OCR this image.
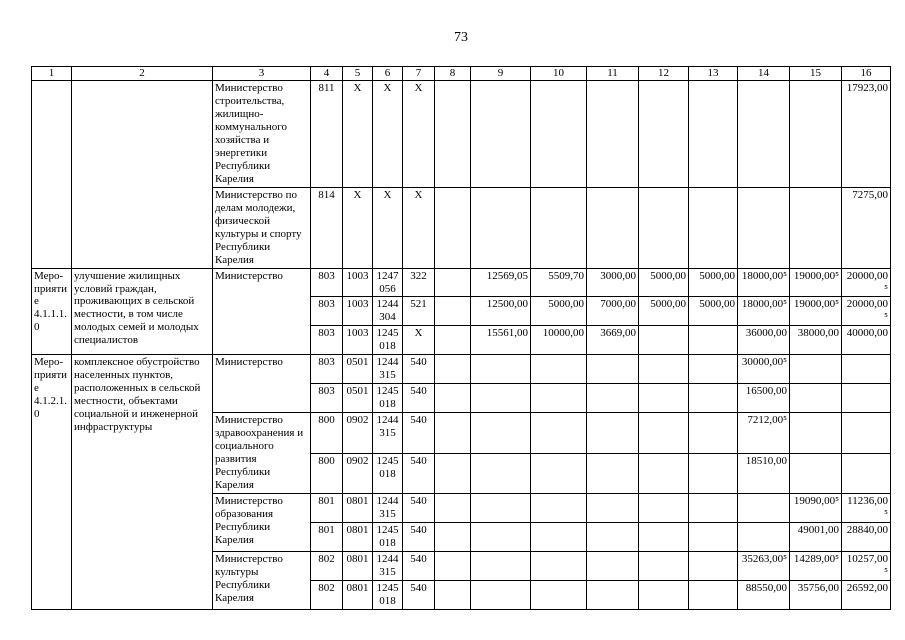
73
1	2	3	4	5	6	7	8	9	10	11	12	13	14	15	16
		Министерство строительства, жилищно-коммунального хозяйства и энергетики Республики Карелия	811	X	X	X									17923,00
		Министерство по делам молодежи, физической культуры и спорту Республики Карелия	814	X	X	X									7275,00
Меро-приятие 4.1.1.1.0	улучшение жилищных условий граждан, проживающих в сельской местности, в том числе молодых семей и молодых специалистов	Министерство	803	1003	1247 056	322		12569,05	5509,70	3000,00	5000,00	5000,00	18000,00⁵	19000,00⁵	20000,00⁵
			803	1003	1244 304	521		12500,00	5000,00	7000,00	5000,00	5000,00	18000,00⁵	19000,00⁵	20000,00⁵
			803	1003	1245 018	X		15561,00	10000,00	3669,00			36000,00	38000,00	40000,00
Меро-приятие 4.1.2.1.0	комплексное обустройство населенных пунктов, расположенных в сельской местности, объектами социальной и инженерной инфраструктуры	Министерство	803	0501	1244 315	540							30000,00⁵		
			803	0501	1245 018	540							16500,00		
		Министерство здравоохранения и социального развития Республики Карелия	800	0902	1244 315	540							7212,00⁵		
			800	0902	1245 018	540							18510,00		
		Министерство образования Республики Карелия	801	0801	1244 315	540								19090,00⁵	11236,00⁵
			801	0801	1245 018	540								49001,00	28840,00
		Министерство культуры Республики Карелия	802	0801	1244 315	540							35263,00⁵	14289,00⁵	10257,00⁵
			802	0801	1245 018	540							88550,00	35756,00	26592,00
